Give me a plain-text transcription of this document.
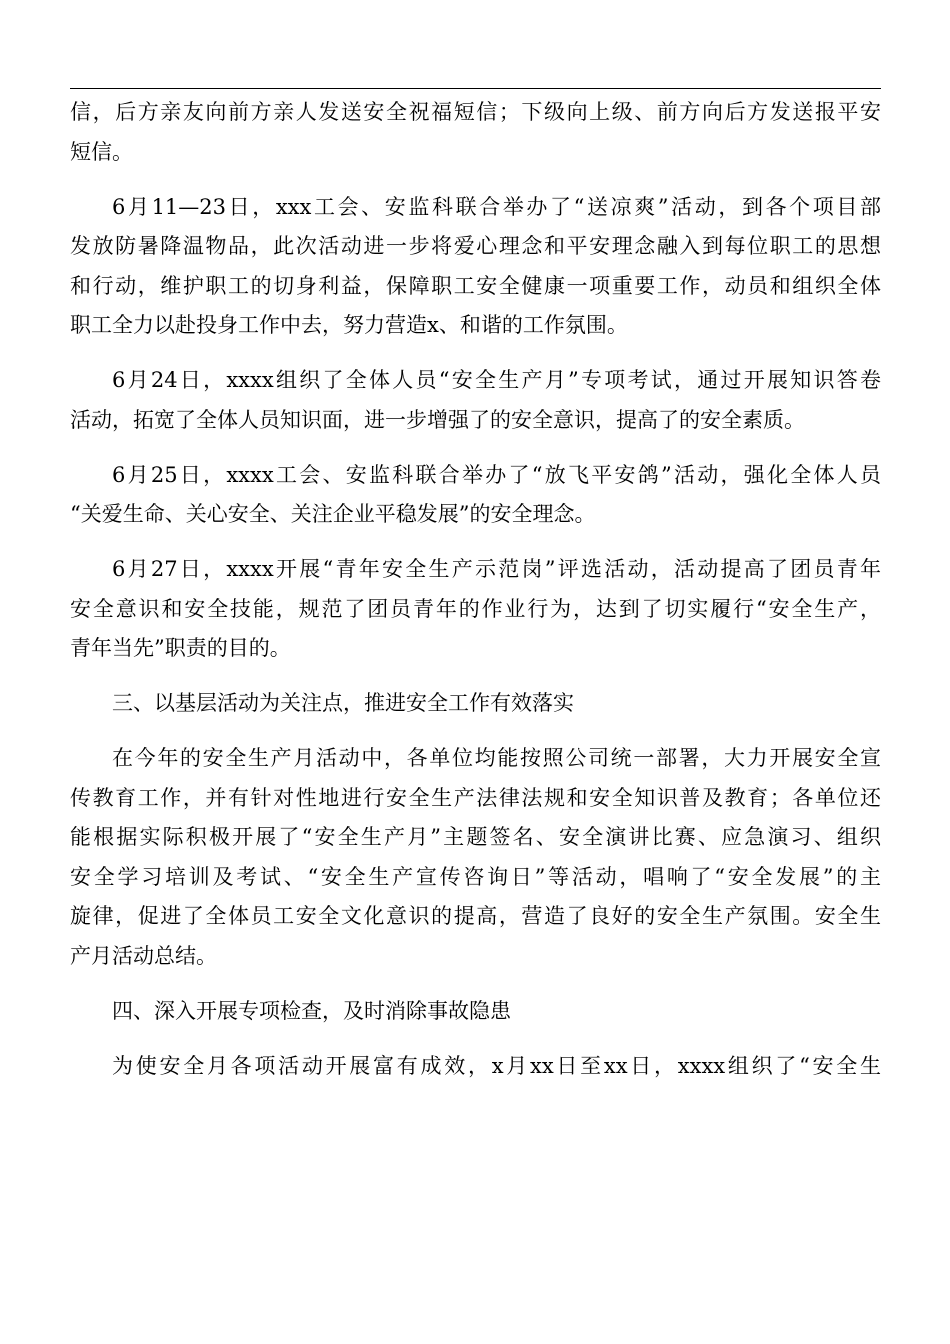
信，后方亲友向前方亲人发送安全祝福短信；下级向上级、前方向后方发送报平安
短信。
6月11—23日，xxx工会、安监科联合举办了“送凉爽”活动，到各个项目部
发放防暑降温物品，此次活动进一步将爱心理念和平安理念融入到每位职工的思想
和行动，维护职工的切身利益，保障职工安全健康一项重要工作，动员和组织全体
职工全力以赴投身工作中去，努力营造x、和谐的工作氛围。
6月24日，xxxx组织了全体人员“安全生产月”专项考试，通过开展知识答卷
活动，拓宽了全体人员知识面，进一步增强了的安全意识，提高了的安全素质。
6月25日，xxxx工会、安监科联合举办了“放飞平安鸽”活动，强化全体人员
“关爱生命、关心安全、关注企业平稳发展”的安全理念。
6月27日，xxxx开展“青年安全生产示范岗”评选活动，活动提高了团员青年
安全意识和安全技能，规范了团员青年的作业行为，达到了切实履行“安全生产，
青年当先”职责的目的。
三、以基层活动为关注点，推进安全工作有效落实
在今年的安全生产月活动中，各单位均能按照公司统一部署，大力开展安全宣
传教育工作，并有针对性地进行安全生产法律法规和安全知识普及教育；各单位还
能根据实际积极开展了“安全生产月”主题签名、安全演讲比赛、应急演习、组织
安全学习培训及考试、“安全生产宣传咨询日”等活动，唱响了“安全发展”的主
旋律，促进了全体员工安全文化意识的提高，营造了良好的安全生产氛围。安全生
产月活动总结。
四、深入开展专项检查，及时消除事故隐患
为使安全月各项活动开展富有成效，x月xx日至xx日，xxxx组织了“安全生
